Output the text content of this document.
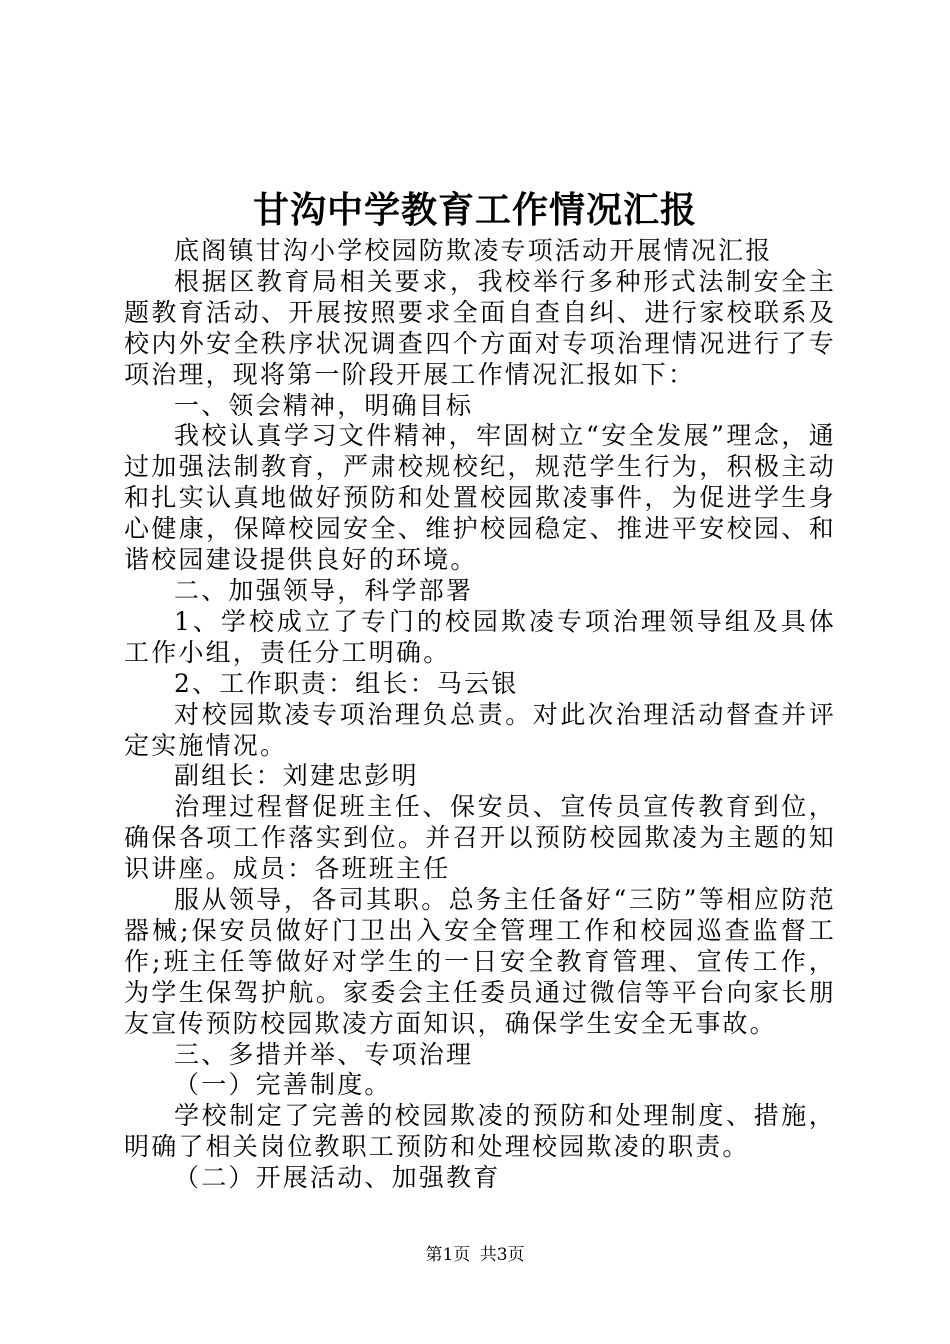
甘沟中学教育工作情况汇报

底阁镇甘沟小学校园防欺凌专项活动开展情况汇报

根据区教育局相关要求，我校举行多种形式法制安全主题教育活动、开展按照要求全面自查自纠、进行家校联系及校内外安全秩序状况调查四个方面对专项治理情况进行了专项治理，现将第一阶段开展工作情况汇报如下：

一、领会精神，明确目标

我校认真学习文件精神，牢固树立“安全发展”理念，通过加强法制教育，严肃校规校纪，规范学生行为，积极主动和扎实认真地做好预防和处置校园欺凌事件，为促进学生身心健康，保障校园安全、维护校园稳定、推进平安校园、和谐校园建设提供良好的环境。

二、加强领导，科学部署

1、学校成立了专门的校园欺凌专项治理领导组及具体工作小组，责任分工明确。

2、工作职责：组长：马云银

对校园欺凌专项治理负总责。对此次治理活动督查并评定实施情况。

副组长：刘建忠彭明

治理过程督促班主任、保安员、宣传员宣传教育到位，确保各项工作落实到位。并召开以预防校园欺凌为主题的知识讲座。成员：各班班主任

服从领导，各司其职。总务主任备好“三防”等相应防范器械;保安员做好门卫出入安全管理工作和校园巡查监督工作;班主任等做好对学生的一日安全教育管理、宣传工作，为学生保驾护航。家委会主任委员通过微信等平台向家长朋友宣传预防校园欺凌方面知识，确保学生安全无事故。

三、多措并举、专项治理

（一）完善制度。

学校制定了完善的校园欺凌的预防和处理制度、措施，明确了相关岗位教职工预防和处理校园欺凌的职责。

（二）开展活动、加强教育

第1页 共3页
